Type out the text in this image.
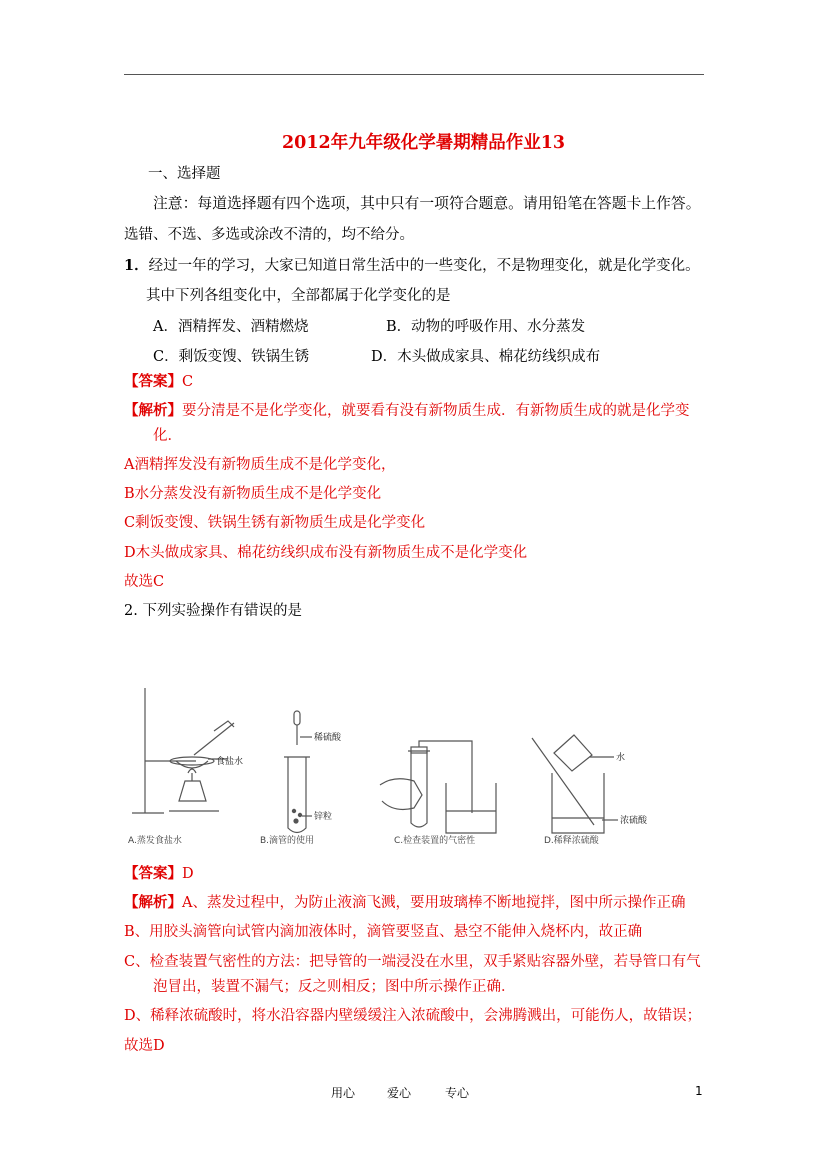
2012年九年级化学暑期精品作业13
一、选择题
注意：每道选择题有四个选项，其中只有一项符合题意。请用铅笔在答题卡上作答。
选错、不选、多选或涂改不清的，均不给分。
1．经过一年的学习，大家已知道日常生活中的一些变化，不是物理变化，就是化学变化。
其中下列各组变化中，全部都属于化学变化的是
A．酒精挥发、酒精燃烧	B．动物的呼吸作用、水分蒸发
C．剩饭变馊、铁锅生锈	D．木头做成家具、棉花纺线织成布
【答案】C
【解析】要分清是不是化学变化，就要看有没有新物质生成．有新物质生成的就是化学变
化．
A酒精挥发没有新物质生成不是化学变化，
B水分蒸发没有新物质生成不是化学变化
C剩饭变馊、铁锅生锈有新物质生成是化学变化
D木头做成家具、棉花纺线织成布没有新物质生成不是化学变化
故选C
2. 下列实验操作有错误的是
食盐水
稀硫酸
锌粒
水
浓硫酸
A.蒸发食盐水	B.滴管的使用	C.检查装置的气密性	D.稀释浓硫酸
【答案】D
【解析】A、蒸发过程中，为防止液滴飞溅，要用玻璃棒不断地搅拌，图中所示操作正确
B、用胶头滴管向试管内滴加液体时，滴管要竖直、悬空不能伸入烧杯内，故正确
C、检查装置气密性的方法：把导管的一端浸没在水里，双手紧贴容器外壁，若导管口有气
泡冒出，装置不漏气；反之则相反；图中所示操作正确．
D、稀释浓硫酸时，将水沿容器内壁缓缓注入浓硫酸中，会沸腾溅出，可能伤人，故错误；
故选D
用心	爱心	专心	1
